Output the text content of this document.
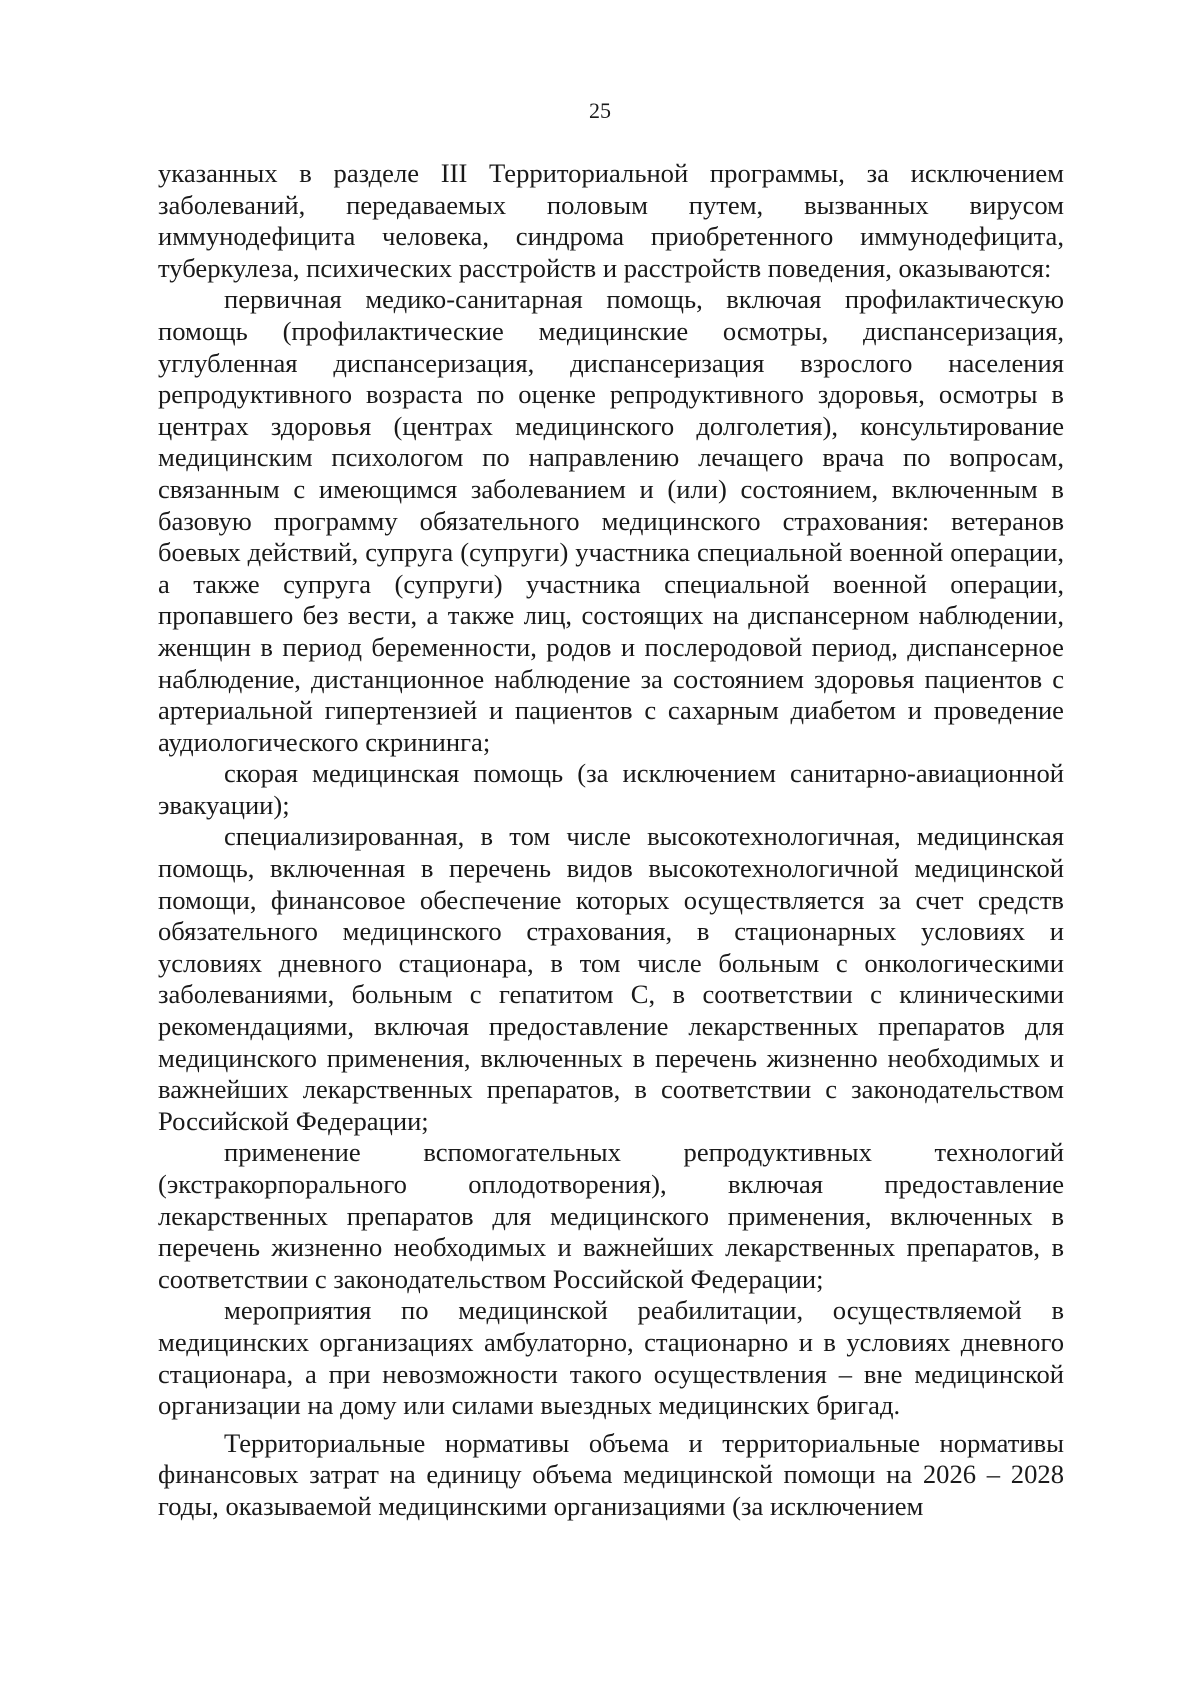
25

указанных в разделе III Территориальной программы, за исключением заболеваний, передаваемых половым путем, вызванных вирусом иммунодефицита человека, синдрома приобретенного иммунодефицита, туберкулеза, психических расстройств и расстройств поведения, оказываются:

первичная медико-санитарная помощь, включая профилактическую помощь (профилактические медицинские осмотры, диспансеризация, углубленная диспансеризация, диспансеризация взрослого населения репродуктивного возраста по оценке репродуктивного здоровья, осмотры в центрах здоровья (центрах медицинского долголетия), консультирование медицинским психологом по направлению лечащего врача по вопросам, связанным с имеющимся заболеванием и (или) состоянием, включенным в базовую программу обязательного медицинского страхования: ветеранов боевых действий, супруга (супруги) участника специальной военной операции, а также супруга (супруги) участника специальной военной операции, пропавшего без вести, а также лиц, состоящих на диспансерном наблюдении, женщин в период беременности, родов и послеродовой период, диспансерное наблюдение, дистанционное наблюдение за состоянием здоровья пациентов с артериальной гипертензией и пациентов с сахарным диабетом и проведение аудиологического скрининга;

скорая медицинская помощь (за исключением санитарно-авиационной эвакуации);

специализированная, в том числе высокотехнологичная, медицинская помощь, включенная в перечень видов высокотехнологичной медицинской помощи, финансовое обеспечение которых осуществляется за счет средств обязательного медицинского страхования, в стационарных условиях и условиях дневного стационара, в том числе больным с онкологическими заболеваниями, больным с гепатитом С, в соответствии с клиническими рекомендациями, включая предоставление лекарственных препаратов для медицинского применения, включенных в перечень жизненно необходимых и важнейших лекарственных препаратов, в соответствии с законодательством Российской Федерации;

применение вспомогательных репродуктивных технологий (экстракорпорального оплодотворения), включая предоставление лекарственных препаратов для медицинского применения, включенных в перечень жизненно необходимых и важнейших лекарственных препаратов, в соответствии с законодательством Российской Федерации;

мероприятия по медицинской реабилитации, осуществляемой в медицинских организациях амбулаторно, стационарно и в условиях дневного стационара, а при невозможности такого осуществления – вне медицинской организации на дому или силами выездных медицинских бригад.

Территориальные нормативы объема и территориальные нормативы финансовых затрат на единицу объема медицинской помощи на 2026 – 2028 годы, оказываемой медицинскими организациями (за исключением
